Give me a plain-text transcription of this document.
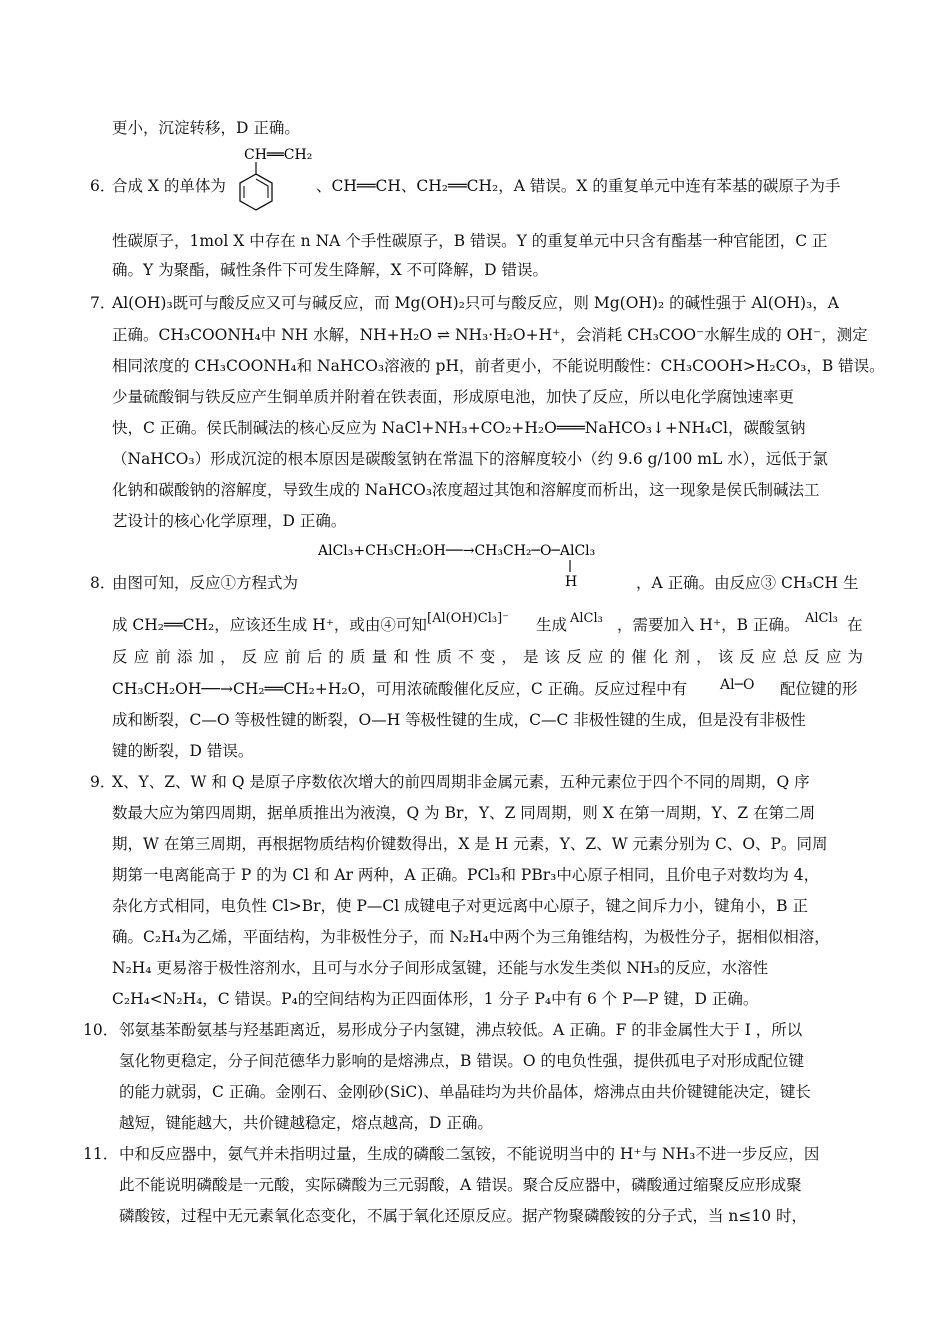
更小，沉淀转移，D 正确。
6．
合成 X 的单体为
CH══CH₂
、CH══CH、CH₂══CH₂，A 错误。X 的重复单元中连有苯基的碳原子为手
性碳原子，1mol X 中存在 n NA 个手性碳原子，B 错误。Y 的重复单元中只含有酯基一种官能团，C 正
确。Y 为聚酯，碱性条件下可发生降解，X 不可降解，D 错误。
7．
Al(OH)₃既可与酸反应又可与碱反应，而 Mg(OH)₂只可与酸反应，则 Mg(OH)₂ 的碱性强于 Al(OH)₃，A
正确。CH₃COONH₄中 NH 水解，NH+H₂O ⇌ NH₃·H₂O+H⁺，会消耗 CH₃COO⁻水解生成的 OH⁻，测定
相同浓度的 CH₃COONH₄和 NaHCO₃溶液的 pH，前者更小，不能说明酸性：CH₃COOH>H₂CO₃，B 错误。
少量硫酸铜与铁反应产生铜单质并附着在铁表面，形成原电池，加快了反应，所以电化学腐蚀速率更
快，C 正确。侯氏制碱法的核心反应为 NaCl+NH₃+CO₂+H₂O═══NaHCO₃↓+NH₄Cl，碳酸氢钠
（NaHCO₃）形成沉淀的根本原因是碳酸氢钠在常温下的溶解度较小（约 9.6 g/100 mL 水），远低于氯
化钠和碳酸钠的溶解度，导致生成的 NaHCO₃浓度超过其饱和溶解度而析出，这一现象是侯氏制碱法工
艺设计的核心化学原理，D 正确。
AlCl₃+CH₃CH₂OH──→CH₃CH₂─O─AlCl₃
H
8．
由图可知，反应①方程式为	，A 正确。由反应③ CH₃CH 生
成 CH₂══CH₂，应该还生成 H⁺，或由④可知 [Al(OH)Cl₃]⁻ 生成 AlCl₃ ，需要加入 H⁺，B 正确。 AlCl₃ 在
反应前添加，反应前后的质量和性质不变，是该反应的催化剂，该反应总反应为
CH₃CH₂OH──→CH₂══CH₂+H₂O，可用浓硫酸催化反应，C 正确。反应过程中有 Al─O 配位键的形
成和断裂，C—O 等极性键的断裂，O—H 等极性键的生成，C—C 非极性键的生成，但是没有非极性
键的断裂，D 错误。
9．
X、Y、Z、W 和 Q 是原子序数依次增大的前四周期非金属元素，五种元素位于四个不同的周期，Q 序
数最大应为第四周期，据单质推出为液溴，Q 为 Br，Y、Z 同周期，则 X 在第一周期，Y、Z 在第二周
期，W 在第三周期，再根据物质结构价键数得出，X 是 H 元素，Y、Z、W 元素分别为 C、O、P。同周
期第一电离能高于 P 的为 Cl 和 Ar 两种，A 正确。PCl₃和 PBr₃中心原子相同，且价电子对数均为 4，
杂化方式相同，电负性 Cl>Br，使 P—Cl 成键电子对更远离中心原子，键之间斥力小，键角小，B 正
确。C₂H₄为乙烯，平面结构，为非极性分子，而 N₂H₄中两个为三角锥结构，为极性分子，据相似相溶，
N₂H₄ 更易溶于极性溶剂水，且可与水分子间形成氢键，还能与水发生类似 NH₃的反应，水溶性
C₂H₄<N₂H₄，C 错误。P₄的空间结构为正四面体形，1 分子 P₄中有 6 个 P—P 键，D 正确。
10． 邻氨基苯酚氨基与羟基距离近，易形成分子内氢键，沸点较低。A 正确。F 的非金属性大于 I ，所以
氢化物更稳定，分子间范德华力影响的是熔沸点，B 错误。O 的电负性强，提供孤电子对形成配位键
的能力就弱，C 正确。金刚石、金刚砂(SiC)、单晶硅均为共价晶体，熔沸点由共价键键能决定，键长
越短，键能越大，共价键越稳定，熔点越高，D 正确。
11． 中和反应器中，氨气并未指明过量，生成的磷酸二氢铵，不能说明当中的 H⁺与 NH₃不进一步反应，因
此不能说明磷酸是一元酸，实际磷酸为三元弱酸，A 错误。聚合反应器中，磷酸通过缩聚反应形成聚
磷酸铵，过程中无元素氧化态变化，不属于氧化还原反应。据产物聚磷酸铵的分子式，当 n≤10 时，
